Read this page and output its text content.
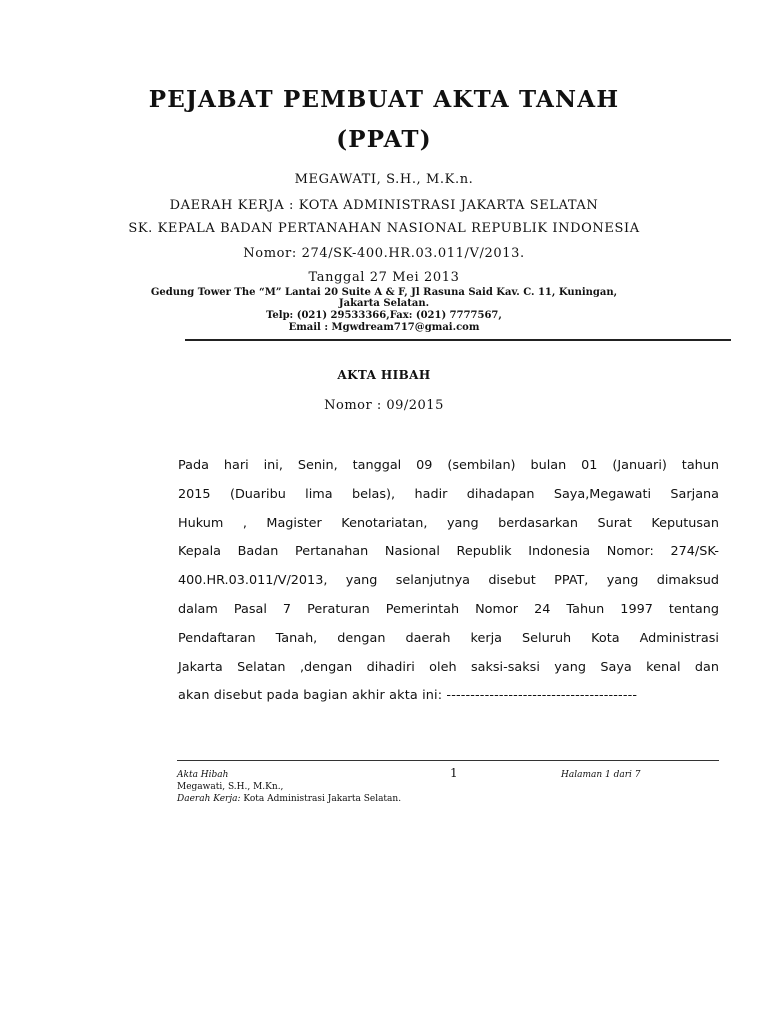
PEJABAT PEMBUAT AKTA TANAH
(PPAT)
MEGAWATI, S.H., M.K.n.
DAERAH KERJA : KOTA ADMINISTRASI JAKARTA SELATAN
SK. KEPALA BADAN PERTANAHAN NASIONAL REPUBLIK INDONESIA
Nomor: 274/SK-400.HR.03.011/V/2013.
Tanggal 27 Mei 2013
Gedung Tower The “M” Lantai 20 Suite A & F, Jl Rasuna Said Kav. C. 11, Kuningan,
Jakarta Selatan.
Telp: (021) 29533366,Fax: (021) 7777567,
Email : Mgwdream717@gmai.com
AKTA HIBAH
Nomor : 09/2015
Pada hari ini, Senin, tanggal 09 (sembilan) bulan 01 (Januari) tahun
2015 (Duaribu lima belas), hadir dihadapan Saya,Megawati Sarjana
Hukum , Magister Kenotariatan, yang berdasarkan Surat Keputusan
Kepala Badan Pertanahan Nasional Republik Indonesia Nomor: 274/SK-
400.HR.03.011/V/2013, yang selanjutnya disebut PPAT, yang dimaksud
dalam Pasal 7 Peraturan Pemerintah Nomor 24 Tahun 1997 tentang
Pendaftaran Tanah, dengan daerah kerja Seluruh Kota Administrasi
Jakarta Selatan ,dengan dihadiri oleh saksi-saksi yang Saya kenal dan
akan disebut pada bagian akhir akta ini: ----------------------------------------
Akta Hibah	1	Halaman 1 dari 7
Megawati, S.H., M.Kn.,
Daerah Kerja: Kota Administrasi Jakarta Selatan.
